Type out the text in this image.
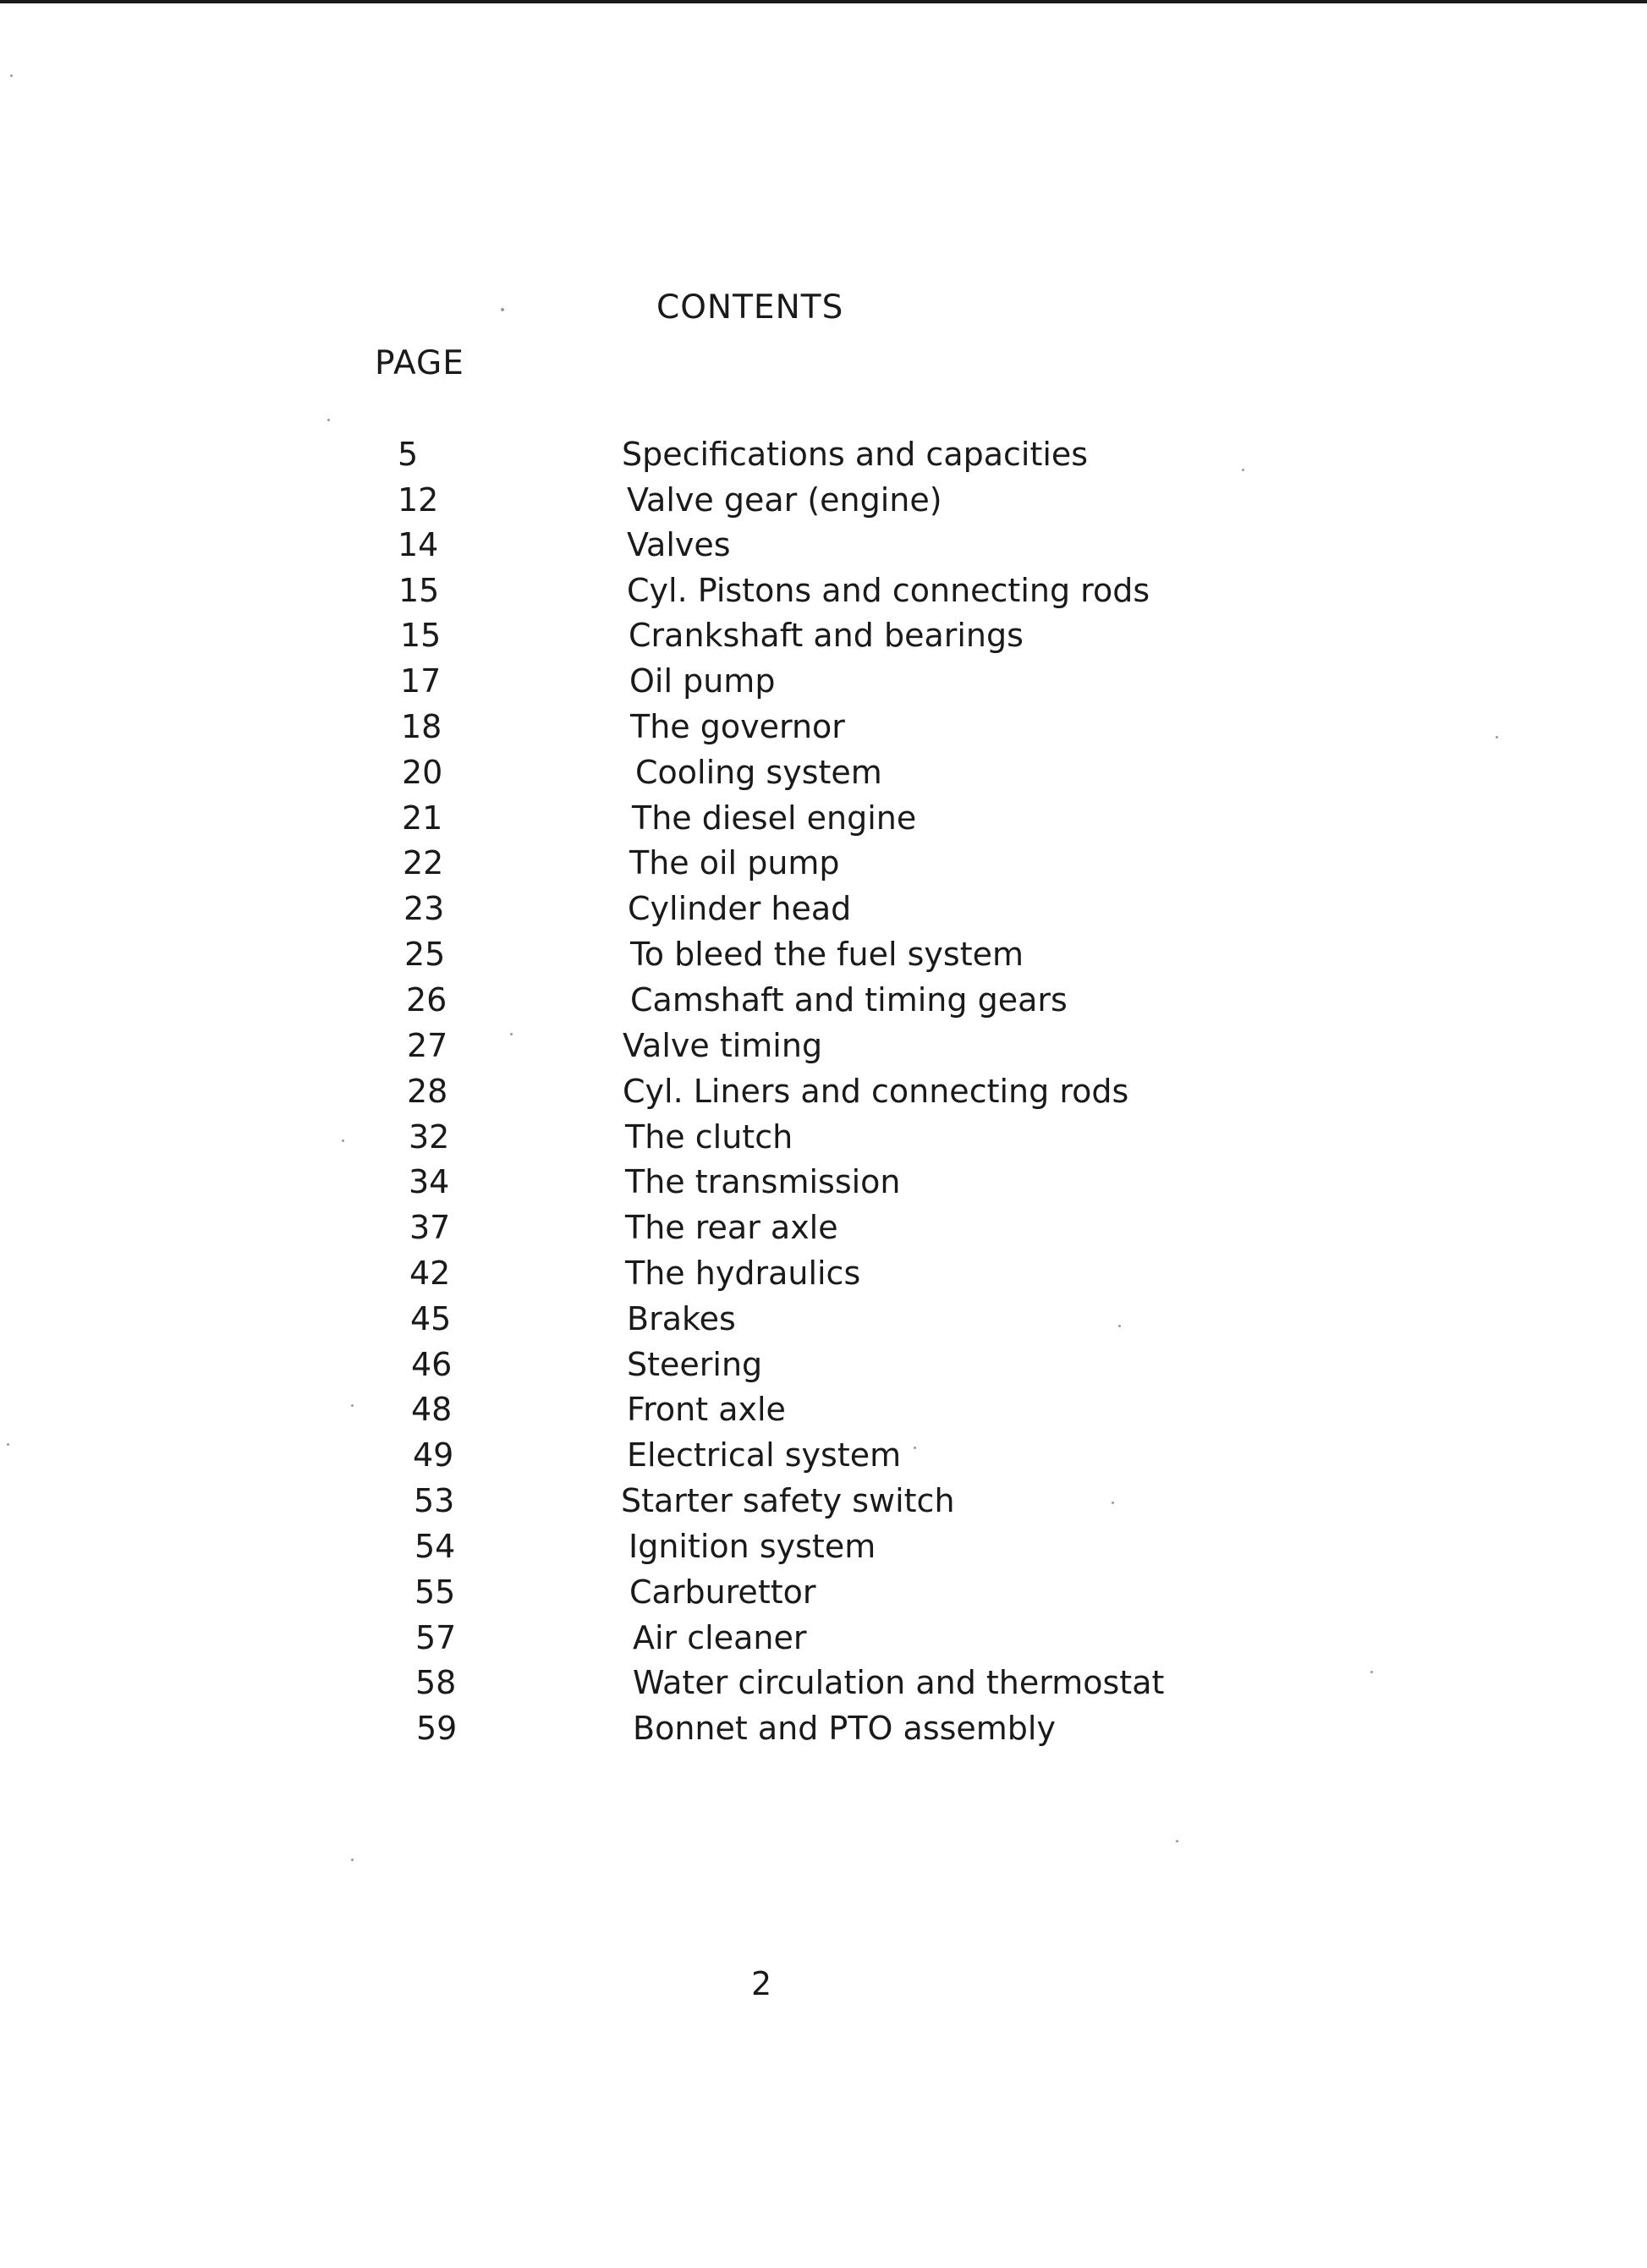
CONTENTS
PAGE
5	Specifications and capacities
12	Valve gear (engine)
14	Valves
15	Cyl. Pistons and connecting rods
15	Crankshaft and bearings
17	Oil pump
18	The governor
20	Cooling system
21	The diesel engine
22	The oil pump
23	Cylinder head
25	To bleed the fuel system
26	Camshaft and timing gears
27	Valve timing
28	Cyl. Liners and connecting rods
32	The clutch
34	The transmission
37	The rear axle
42	The hydraulics
45	Brakes
46	Steering
48	Front axle
49	Electrical system
53	Starter safety switch
54	Ignition system
55	Carburettor
57	Air cleaner
58	Water circulation and thermostat
59	Bonnet and PTO assembly
2
